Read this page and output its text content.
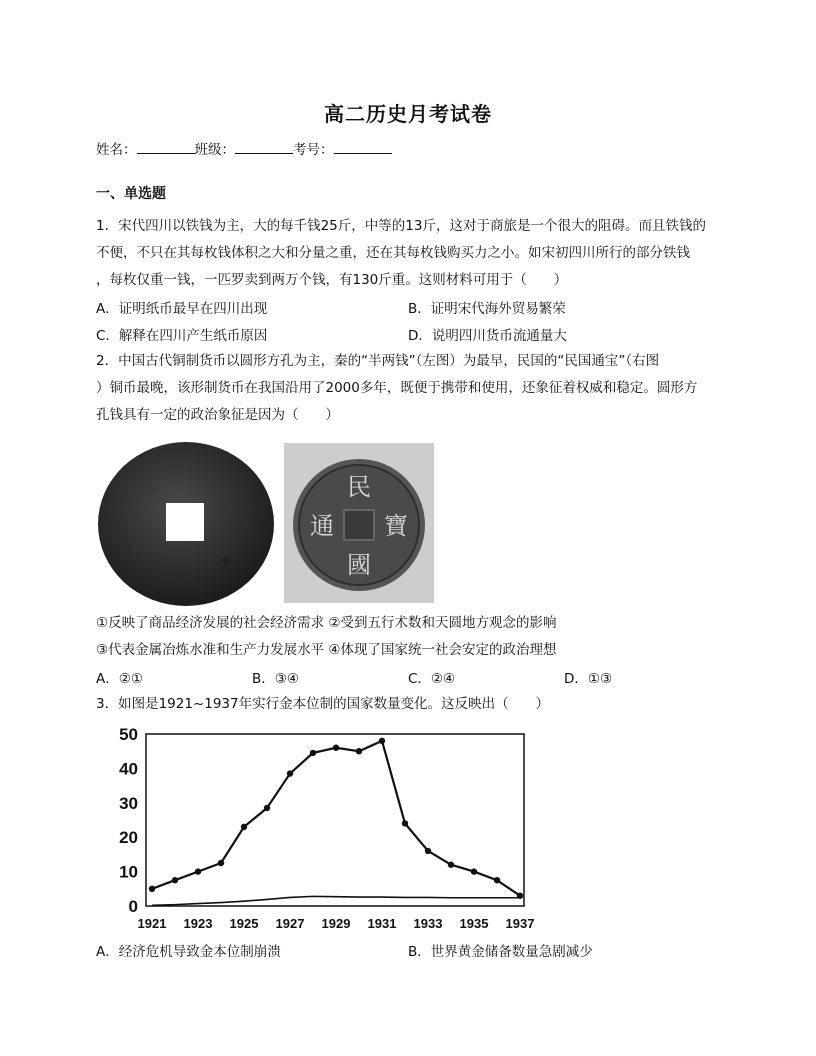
高二历史月考试卷
姓名：	班级：	考号：
一、单选题
1．宋代四川以铁钱为主，大的每千钱25斤，中等的13斤，这对于商旅是一个很大的阻碍。而且铁钱的
不便，不只在其每枚钱体积之大和分量之重，还在其每枚钱购买力之小。如宋初四川所行的部分铁钱
，每枚仅重一钱，一匹罗卖到两万个钱，有130斤重。这则材料可用于（　　）
A．证明纸币最早在四川出现	B．证明宋代海外贸易繁荣
C．解释在四川产生纸币原因	D．说明四川货币流通量大
2．中国古代铜制货币以圆形方孔为主，秦的“半两钱”（左图）为最早，民国的“民国通宝”（右图
）铜币最晚，该形制货币在我国沿用了2000多年，既便于携带和使用，还象征着权威和稳定。圆形方
孔钱具有一定的政治象征是因为（　　）
民
國
通 寶
①反映了商品经济发展的社会经济需求 ②受到五行术数和天圆地方观念的影响
③代表金属冶炼水准和生产力发展水平 ④体现了国家统一社会安定的政治理想
A．②①	B．③④	C．②④	D．①③
3．如图是1921~1937年实行金本位制的国家数量变化。这反映出（　　）
0
10
20
30
40
50
1921 1923 1925 1927 1929 1931 1933 1935 1937
A．经济危机导致金本位制崩溃	B．世界黄金储备数量急剧减少
